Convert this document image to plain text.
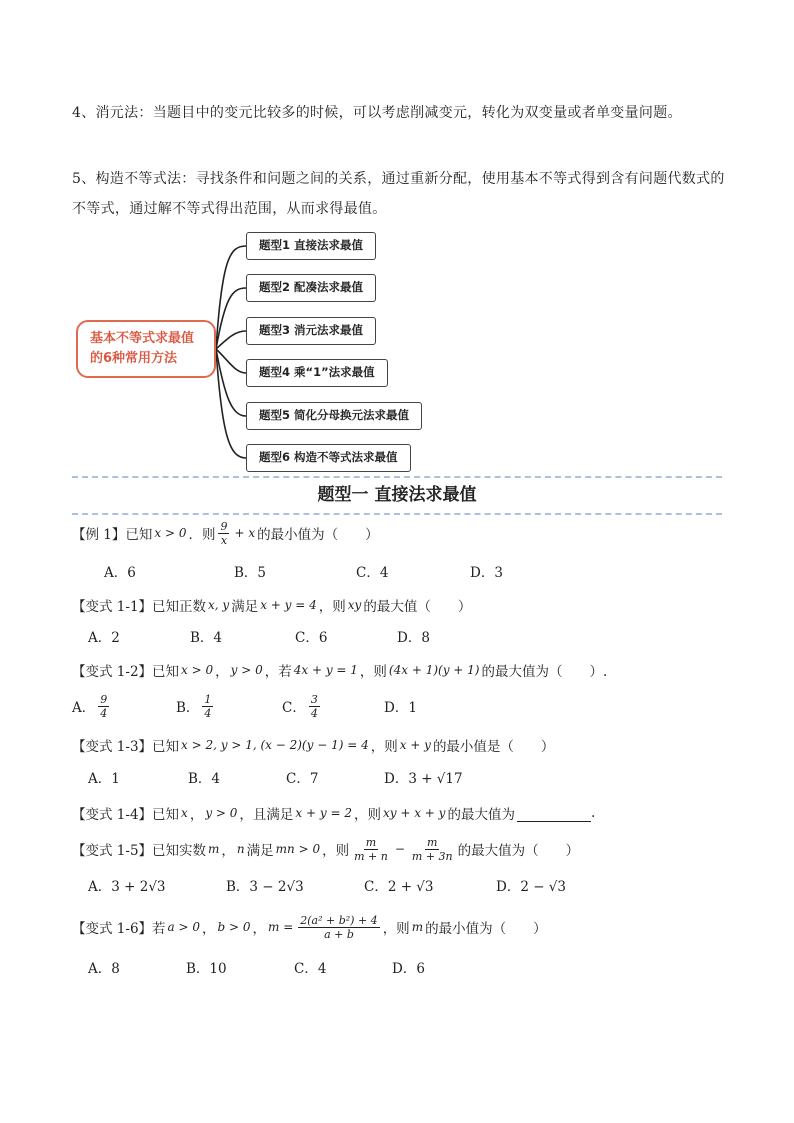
4、消元法：当题目中的变元比较多的时候，可以考虑削减变元，转化为双变量或者单变量问题。
5、构造不等式法：寻找条件和问题之间的关系，通过重新分配，使用基本不等式得到含有问题代数式的不等式，通过解不等式得出范围，从而求得最值。
基本不等式求最值
的6种常用方法
题型1 直接法求最值
题型2 配凑法求最值
题型3 消元法求最值
题型4 乘“1”法求最值
题型5 简化分母换元法求最值
题型6 构造不等式法求最值
题型一 直接法求最值
【例 1】 已知 x > 0 ．则 $\frac{9}{x} + x$ 的最小值为（　　）
A．6	B．5	C．4	D．3
【变式 1-1】 已知正数 x, y 满足 x + y = 4 ，则 xy 的最大值（　　）
A．2	B．4	C．6	D．8
【变式 1-2】 已知 x > 0 ， y > 0 ，若 4x + y = 1 ，则 (4x + 1)(y + 1) 的最大值为（　　）.
A． $\frac{9}{4}$	B． $\frac{1}{4}$	C． $\frac{3}{4}$	D．1
【变式 1-3】 已知 x > 2, y > 1, (x − 2)(y − 1) = 4 ，则 x + y 的最小值是（　　）
A．1	B．4	C．7	D．3 + √17
【变式 1-4】 已知 x ， y > 0 ，且满足 x + y = 2 ，则 xy + x + y 的最大值为	.
【变式 1-5】 已知实数 m ， n 满足 mn > 0 ，则 $\frac{m}{m + n} - \frac{m}{m + 3n}$ 的最大值为（　　）
A．3 + 2√3	B．3 − 2√3	C．2 + √3	D．2 − √3
【变式 1-6】 若 a > 0 ， b > 0 ， $m = \frac{\text{2(a² + b²) + 4}}{a + b}$ ，则 m 的最小值为（　　）
A．8	B．10	C．4	D．6
